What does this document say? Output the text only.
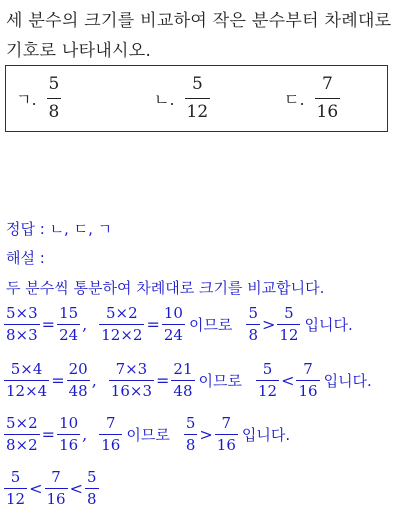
세 분수의 크기를 비교하여 작은 분수부터 차례대로
기호로 나타내시오.
ㄱ. $\frac{5}{8}$	ㄴ. $\frac{5}{12}$	ㄷ. $\frac{7}{16}$
정답 : ㄴ, ㄷ, ㄱ
해설 :
두 분수씩 통분하여 차례대로 크기를 비교합니다.
$\frac{5\times 3}{8\times 3} = \frac{15}{24}$ , $\frac{5\times 2}{12\times 2} = \frac{10}{24}$ 이므로 $\frac{5}{8} > \frac{5}{12}$ 입니다.
$\frac{5\times 4}{12\times 4} = \frac{20}{48}$ , $\frac{7\times 3}{16\times 3} = \frac{21}{48}$ 이므로 $\frac{5}{12} < \frac{7}{16}$ 입니다.
$\frac{5\times 2}{8\times 2} = \frac{10}{16}$ , $\frac{7}{16}$ 이므로 $\frac{5}{8} > \frac{7}{16}$ 입니다.
$\frac{5}{12} < \frac{7}{16} < \frac{5}{8}$
